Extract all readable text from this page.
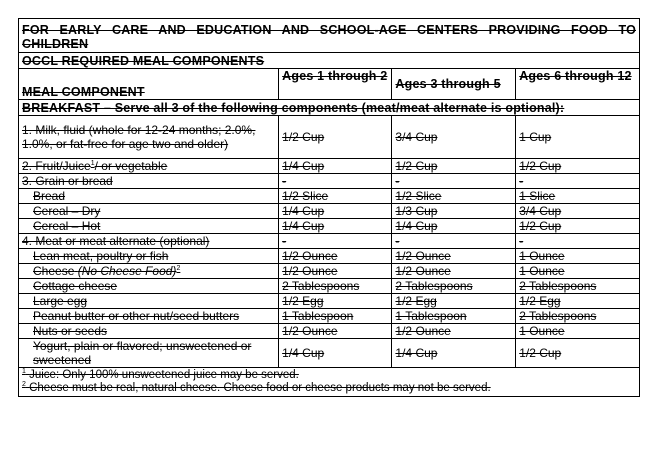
FOR EARLY CARE AND EDUCATION AND SCHOOL-AGE CENTERS PROVIDING FOOD TO CHILDREN			
OCCL REQUIRED MEAL COMPONENTS			
MEAL COMPONENT	Ages 1 through 2	Ages 3 through 5	Ages 6 through 12
BREAKFAST – Serve all 3 of the following components (meat/meat alternate is optional):			
1. Milk, fluid (whole for 12-24 months; 2.0%, 1.0%, or fat-free for age two and older)	1/2 Cup	3/4 Cup	1 Cup
2. Fruit/Juice$^1$/ or vegetable	1/4 Cup	1/2 Cup	1/2 Cup
3. Grain or bread	-	-	-
Bread	1/2 Slice	1/2 Slice	1 Slice
Cereal – Dry	1/4 Cup	1/3 Cup	3/4 Cup
Cereal – Hot	1/4 Cup	1/4 Cup	1/2 Cup
4. Meat or meat alternate (optional)	-	-	-
Lean meat, poultry or fish	1/2 Ounce	1/2 Ounce	1 Ounce
Cheese (No Cheese Food)$^2$	1/2 Ounce	1/2 Ounce	1 Ounce
Cottage cheese	2 Tablespoons	2 Tablespoons	2 Tablespoons
Large egg	1/2 Egg	1/2 Egg	1/2 Egg
Peanut butter or other nut/seed butters	1 Tablespoon	1 Tablespoon	2 Tablespoons
Nuts or seeds	1/2 Ounce	1/2 Ounce	1 Ounce
Yogurt, plain or flavored; unsweetened or sweetened	1/4 Cup	1/4 Cup	1/2 Cup

$^1$ Juice: Only 100% unsweetened juice may be served.
$^2$ Cheese must be real, natural cheese. Cheese food or cheese products may not be served.			
